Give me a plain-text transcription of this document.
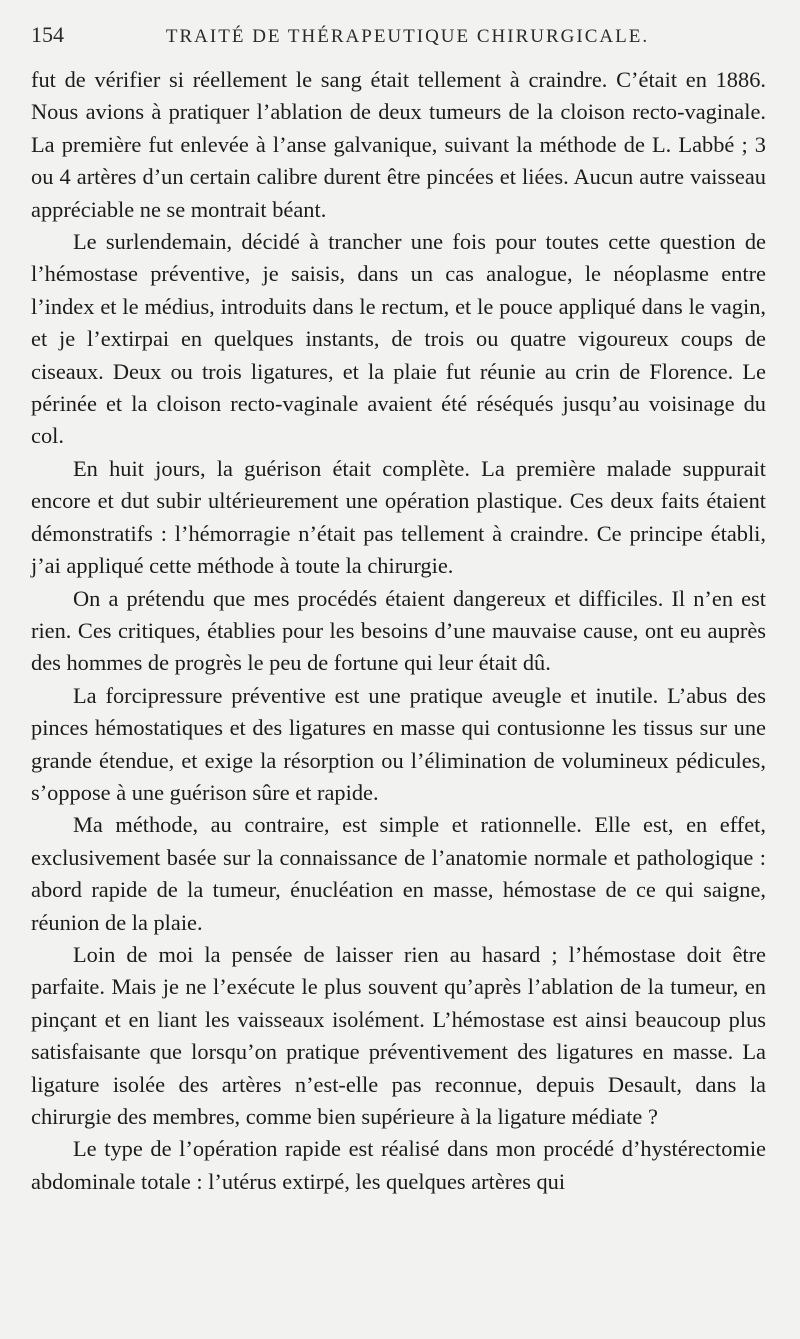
154	TRAITÉ DE THÉRAPEUTIQUE CHIRURGICALE.

fut de vérifier si réellement le sang était tellement à craindre. C’était en 1886. Nous avions à pratiquer l’ablation de deux tumeurs de la cloison recto-vaginale. La première fut enlevée à l’anse galvanique, suivant la méthode de L. Labbé ; 3 ou 4 artères d’un certain calibre durent être pincées et liées. Aucun autre vaisseau appréciable ne se montrait béant.

Le surlendemain, décidé à trancher une fois pour toutes cette question de l’hémostase préventive, je saisis, dans un cas analogue, le néoplasme entre l’index et le médius, introduits dans le rectum, et le pouce appliqué dans le vagin, et je l’extirpai en quelques instants, de trois ou quatre vigoureux coups de ciseaux. Deux ou trois ligatures, et la plaie fut réunie au crin de Florence. Le périnée et la cloison recto-vaginale avaient été réséqués jusqu’au voisinage du col.

En huit jours, la guérison était complète. La première malade suppurait encore et dut subir ultérieurement une opération plastique. Ces deux faits étaient démonstratifs : l’hémorragie n’était pas tellement à craindre. Ce principe établi, j’ai appliqué cette méthode à toute la chirurgie.

On a prétendu que mes procédés étaient dangereux et difficiles. Il n’en est rien. Ces critiques, établies pour les besoins d’une mauvaise cause, ont eu auprès des hommes de progrès le peu de fortune qui leur était dû.

La forcipressure préventive est une pratique aveugle et inutile. L’abus des pinces hémostatiques et des ligatures en masse qui contusionne les tissus sur une grande étendue, et exige la résorption ou l’élimination de volumineux pédicules, s’oppose à une guérison sûre et rapide.

Ma méthode, au contraire, est simple et rationnelle. Elle est, en effet, exclusivement basée sur la connaissance de l’anatomie normale et pathologique : abord rapide de la tumeur, énucléation en masse, hémostase de ce qui saigne, réunion de la plaie.

Loin de moi la pensée de laisser rien au hasard ; l’hémostase doit être parfaite. Mais je ne l’exécute le plus souvent qu’après l’ablation de la tumeur, en pinçant et en liant les vaisseaux isolément. L’hémostase est ainsi beaucoup plus satisfaisante que lorsqu’on pratique préventivement des ligatures en masse. La ligature isolée des artères n’est-elle pas reconnue, depuis Desault, dans la chirurgie des membres, comme bien supérieure à la ligature médiate ?

Le type de l’opération rapide est réalisé dans mon procédé d’hystérectomie abdominale totale : l’utérus extirpé, les quelques artères qui
